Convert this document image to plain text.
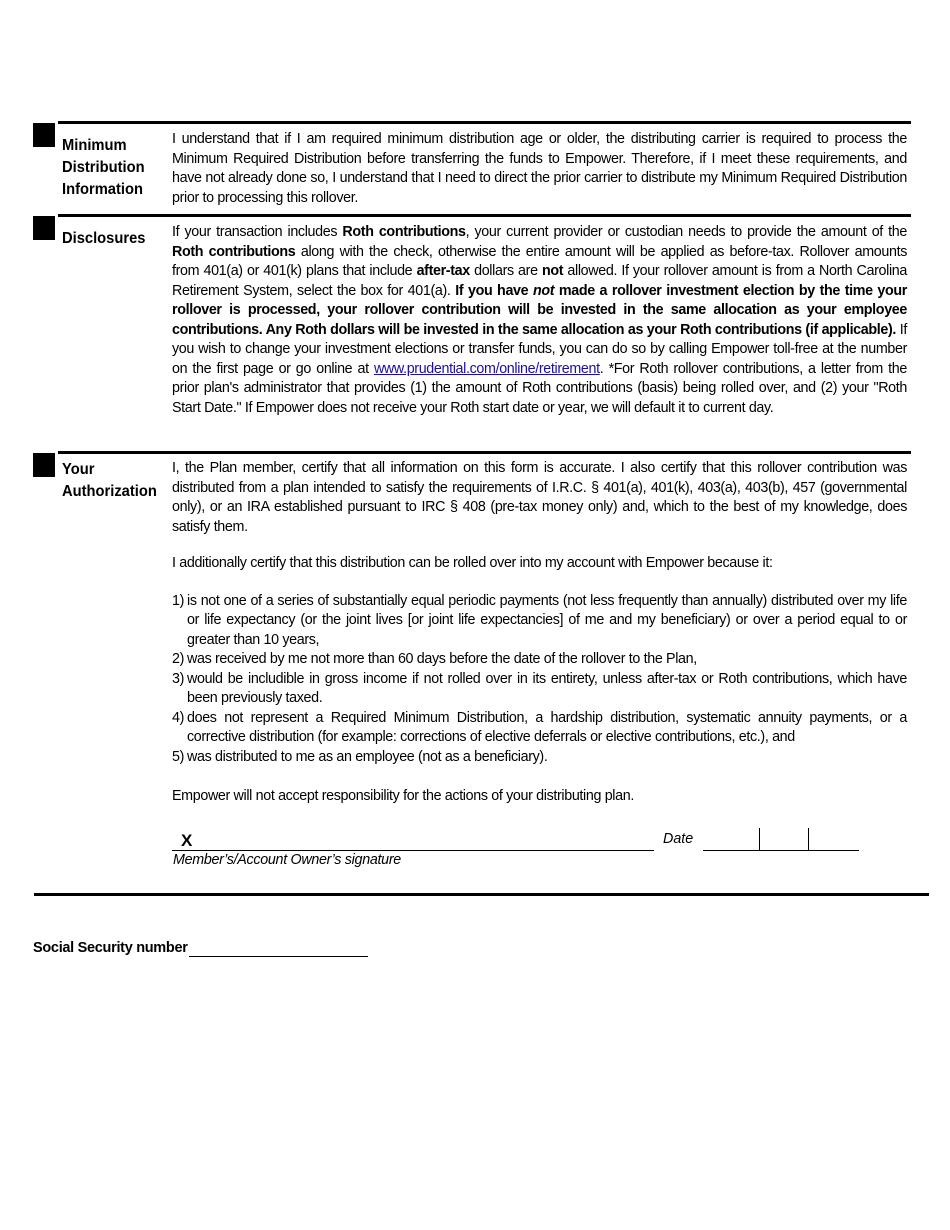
Minimum
Distribution
Information

I understand that if I am required minimum distribution age or older, the distributing carrier is required to process the Minimum Required Distribution before transferring the funds to Empower. Therefore, if I meet these requirements, and have not already done so, I understand that I need to direct the prior carrier to distribute my Minimum Required Distribution prior to processing this rollover.

Disclosures	If your transaction includes Roth contributions, your current provider or custodian needs to provide the amount of the Roth contributions along with the check, otherwise the entire amount will be applied as before-tax. Rollover amounts from 401(a) or 401(k) plans that include after-tax dollars are not allowed. If your rollover amount is from a North Carolina Retirement System, select the box for 401(a). If you have not made a rollover investment election by the time your rollover is processed, your rollover contribution will be invested in the same allocation as your employee contributions. Any Roth dollars will be invested in the same allocation as your Roth contributions (if applicable). If you wish to change your investment elections or transfer funds, you can do so by calling Empower toll-free at the number on the first page or go online at www.prudential.com/online/retirement. *For Roth rollover contributions, a letter from the prior plan's administrator that provides (1) the amount of Roth contributions (basis) being rolled over, and (2) your "Roth Start Date." If Empower does not receive your Roth start date or year, we will default it to current day.

Your
Authorization

I, the Plan member, certify that all information on this form is accurate. I also certify that this rollover contribution was distributed from a plan intended to satisfy the requirements of I.R.C. § 401(a), 401(k), 403(a), 403(b), 457 (governmental only), or an IRA established pursuant to IRC § 408 (pre-tax money only) and, which to the best of my knowledge, does satisfy them.

I additionally certify that this distribution can be rolled over into my account with Empower because it:

1) is not one of a series of substantially equal periodic payments (not less frequently than annually) distributed over my life or life expectancy (or the joint lives [or joint life expectancies] of me and my beneficiary) or over a period equal to or greater than 10 years,
2) was received by me not more than 60 days before the date of the rollover to the Plan,
3) would be includible in gross income if not rolled over in its entirety, unless after-tax or Roth contributions, which have been previously taxed.
4) does not represent a Required Minimum Distribution, a hardship distribution, systematic annuity payments, or a corrective distribution (for example: corrections of elective deferrals or elective contributions, etc.), and
5) was distributed to me as an employee (not as a beneficiary).

Empower will not accept responsibility for the actions of your distributing plan.

X
Member’s/Account Owner’s signature
Date
Social Security number
